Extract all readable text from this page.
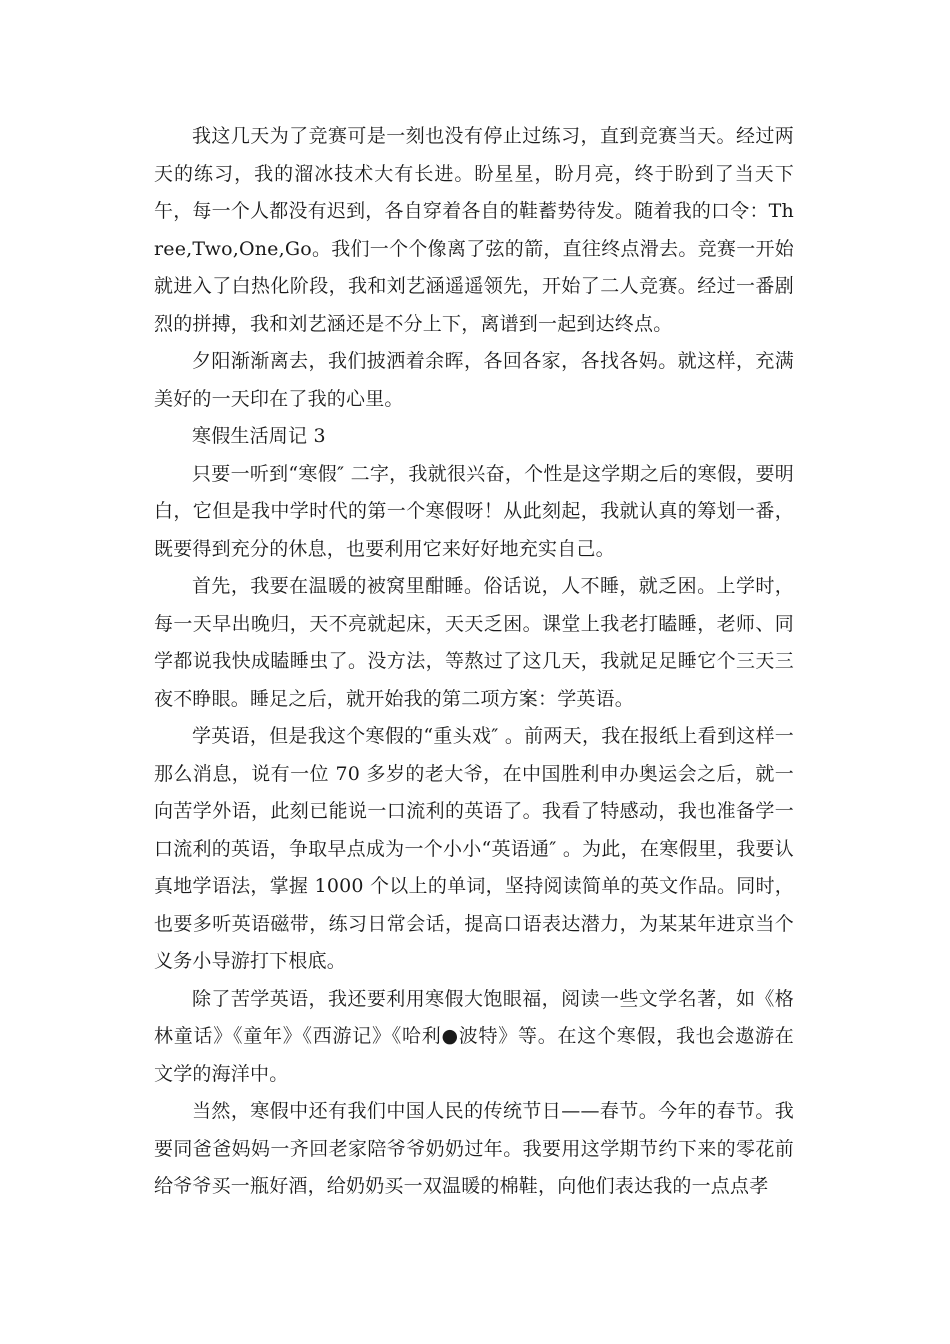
我这几天为了竞赛可是一刻也没有停止过练习，直到竞赛当天。经过两天的练习，我的溜冰技术大有长进。盼星星，盼月亮，终于盼到了当天下午，每一个人都没有迟到，各自穿着各自的鞋蓄势待发。随着我的口令：Three,Two,One,Go。我们一个个像离了弦的箭，直往终点滑去。竞赛一开始就进入了白热化阶段，我和刘艺涵遥遥领先，开始了二人竞赛。经过一番剧烈的拼搏，我和刘艺涵还是不分上下，离谱到一起到达终点。

夕阳渐渐离去，我们披洒着余晖，各回各家，各找各妈。就这样，充满美好的一天印在了我的心里。

寒假生活周记 3

只要一听到“寒假″ 二字，我就很兴奋，个性是这学期之后的寒假，要明白，它但是我中学时代的第一个寒假呀！从此刻起，我就认真的筹划一番，既要得到充分的休息，也要利用它来好好地充实自己。

首先，我要在温暖的被窝里酣睡。俗话说，人不睡，就乏困。上学时，每一天早出晚归，天不亮就起床，天天乏困。课堂上我老打瞌睡，老师、同学都说我快成瞌睡虫了。没方法，等熬过了这几天，我就足足睡它个三天三夜不睁眼。睡足之后，就开始我的第二项方案：学英语。

学英语，但是我这个寒假的“重头戏″ 。前两天，我在报纸上看到这样一那么消息，说有一位 70 多岁的老大爷，在中国胜利申办奥运会之后，就一向苦学外语，此刻已能说一口流利的英语了。我看了特感动，我也准备学一口流利的英语，争取早点成为一个小小“英语通″ 。为此，在寒假里，我要认真地学语法，掌握 1000 个以上的单词，坚持阅读简单的英文作品。同时，也要多听英语磁带，练习日常会话，提高口语表达潜力，为某某年进京当个义务小导游打下根底。

除了苦学英语，我还要利用寒假大饱眼福，阅读一些文学名著，如《格林童话》《童年》《西游记》《哈利●波特》等。在这个寒假，我也会遨游在文学的海洋中。

当然，寒假中还有我们中国人民的传统节日——春节。今年的春节。我要同爸爸妈妈一齐回老家陪爷爷奶奶过年。我要用这学期节约下来的零花前给爷爷买一瓶好酒，给奶奶买一双温暖的棉鞋，向他们表达我的一点点孝
